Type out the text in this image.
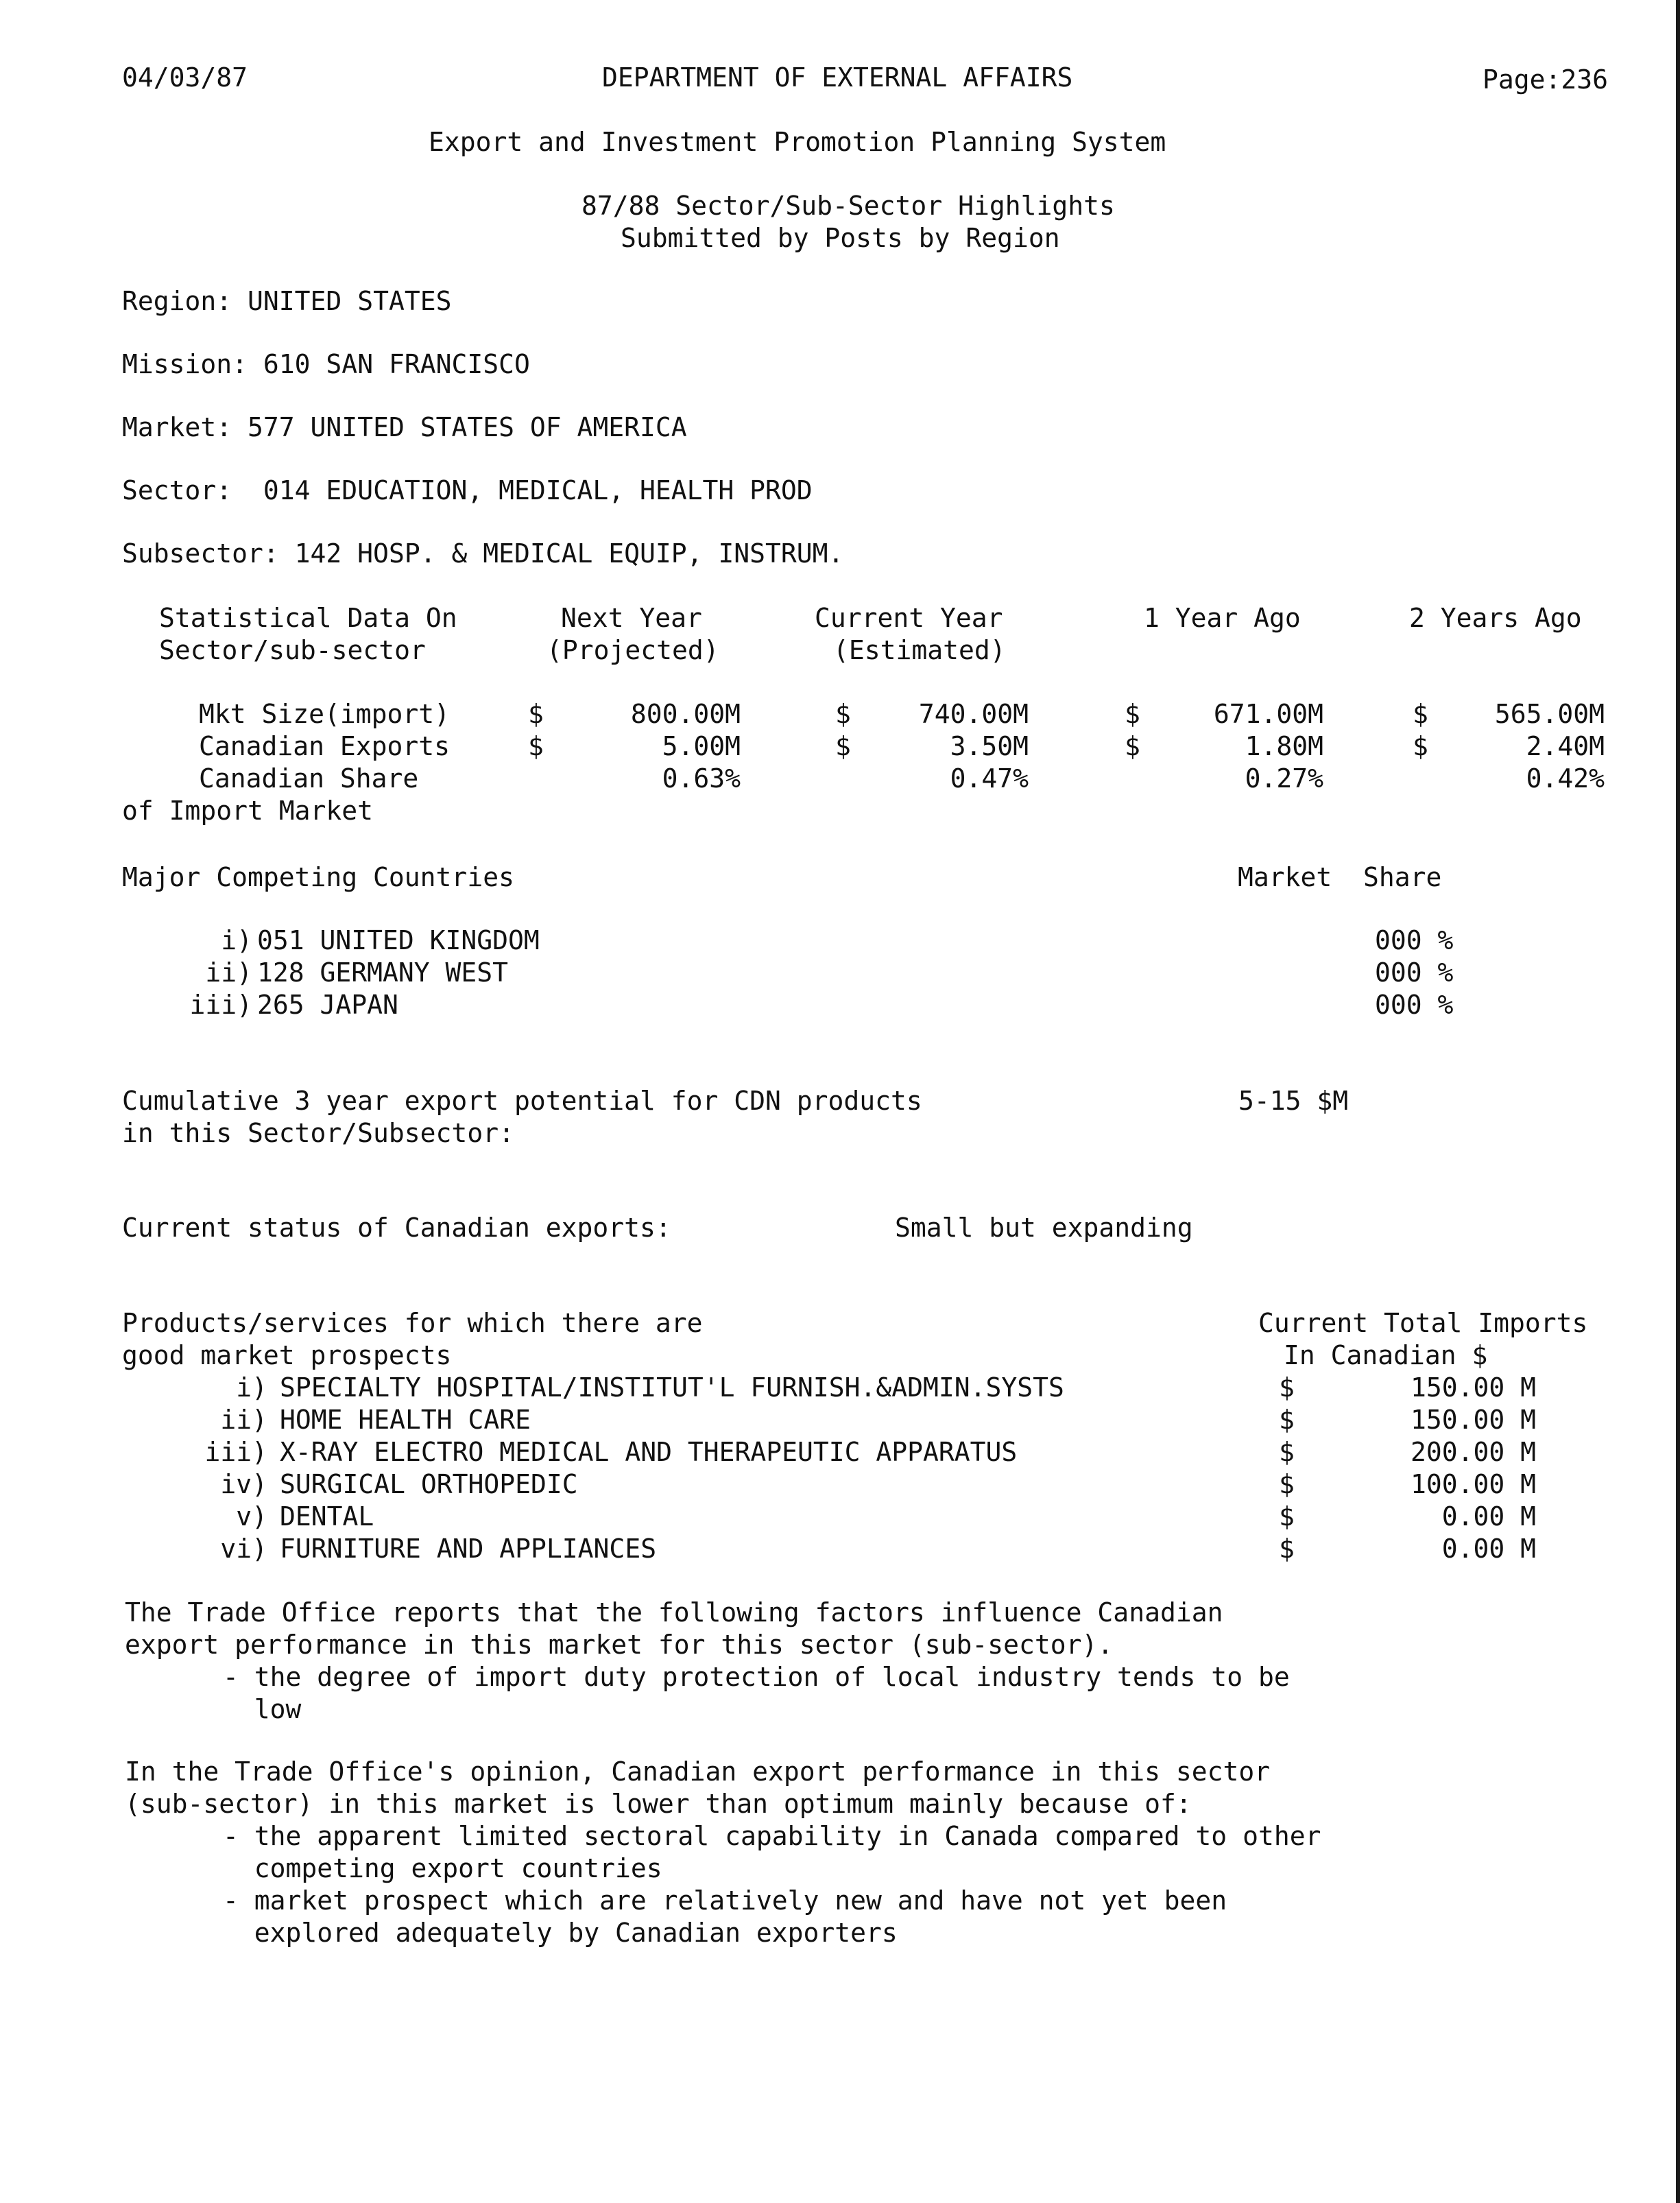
04/03/87	DEPARTMENT OF EXTERNAL AFFAIRS	Page:236
Export and Investment Promotion Planning System
87/88 Sector/Sub-Sector Highlights
Submitted by Posts by Region
Region: UNITED STATES
Mission: 610 SAN FRANCISCO
Market: 577 UNITED STATES OF AMERICA
Sector: 014 EDUCATION, MEDICAL, HEALTH PROD
Subsector: 142 HOSP. & MEDICAL EQUIP, INSTRUM.
Statistical Data On	Next Year	Current Year	1 Year Ago	2 Years Ago
Sector/sub-sector	(Projected)	(Estimated)
Mkt Size(import)	$	800.00M	$	740.00M	$	671.00M	$	565.00M
Canadian Exports	$	5.00M	$	3.50M	$	1.80M	$	2.40M
Canadian Share	0.63%	0.47%	0.27%	0.42%
of Import Market
Major Competing Countries	Market  Share
i) 051 UNITED KINGDOM	000 %
ii) 128 GERMANY WEST	000 %
iii) 265 JAPAN	000 %
Cumulative 3 year export potential for CDN products	5-15 $M
in this Sector/Subsector:
Current status of Canadian exports:	Small but expanding
Products/services for which there are	Current Total Imports
good market prospects	In Canadian $
i) SPECIALTY HOSPITAL/INSTITUT'L FURNISH.&ADMIN.SYSTS	$	150.00 M
ii) HOME HEALTH CARE	$	150.00 M
iii) X-RAY ELECTRO MEDICAL AND THERAPEUTIC APPARATUS	$	200.00 M
iv) SURGICAL ORTHOPEDIC	$	100.00 M
v) DENTAL	$	0.00 M
vi) FURNITURE AND APPLIANCES	$	0.00 M
The Trade Office reports that the following factors influence Canadian
export performance in this market for this sector (sub-sector).
- the degree of import duty protection of local industry tends to be
low
In the Trade Office's opinion, Canadian export performance in this sector
(sub-sector) in this market is lower than optimum mainly because of:
- the apparent limited sectoral capability in Canada compared to other
competing export countries
- market prospect which are relatively new and have not yet been
explored adequately by Canadian exporters
